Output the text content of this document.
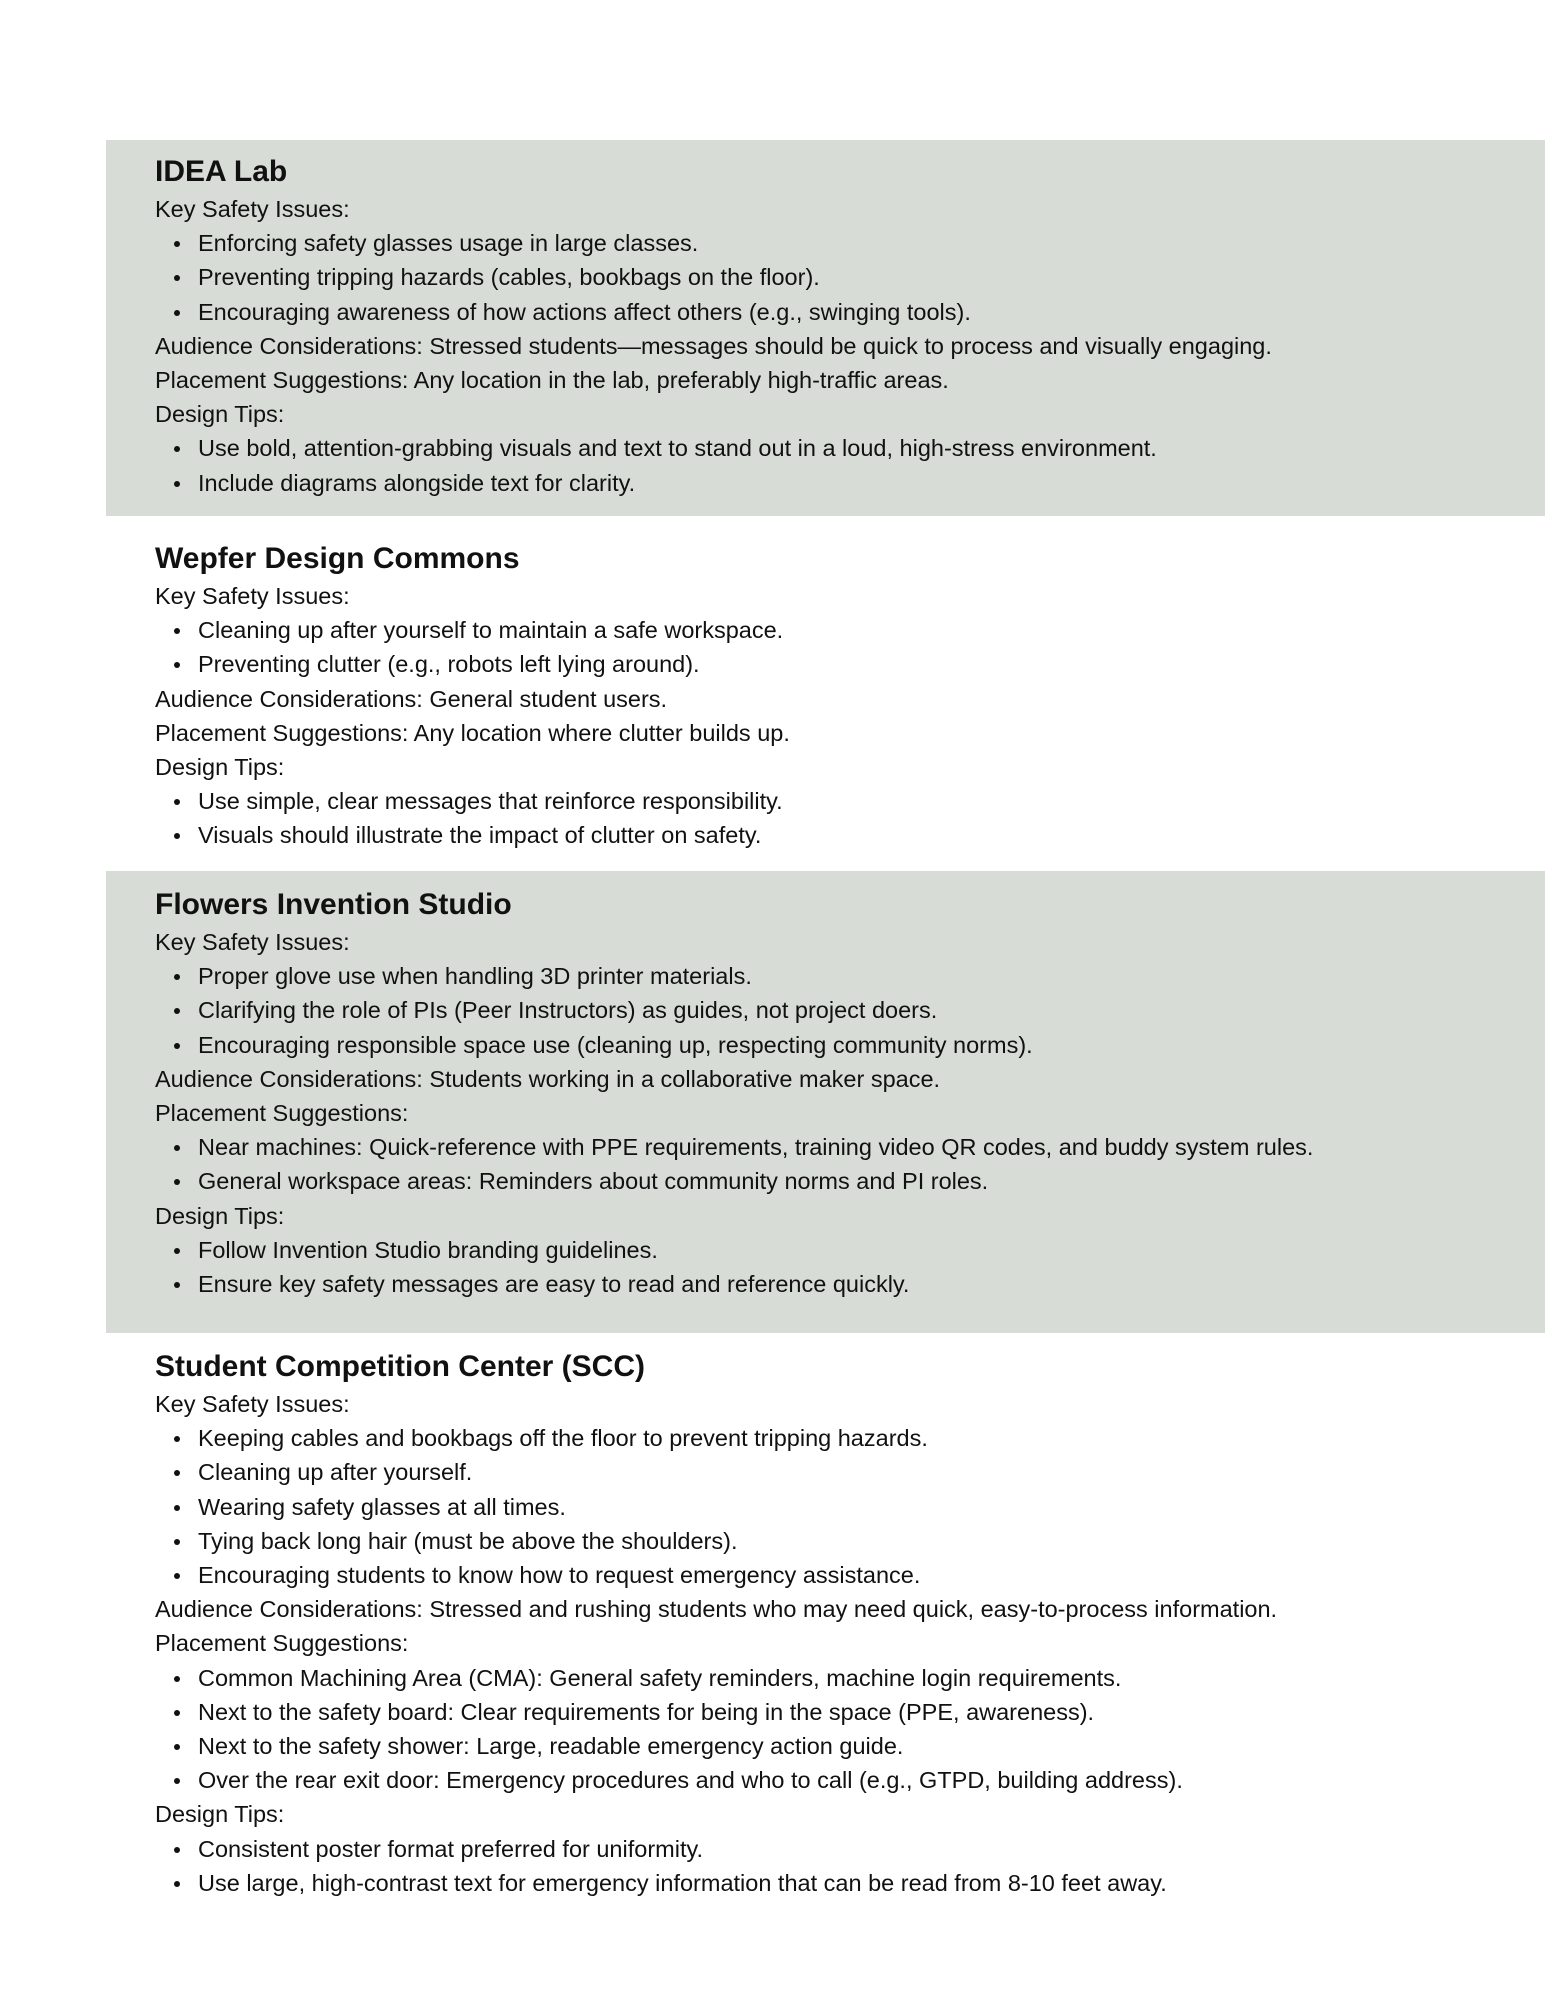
IDEA Lab
Key Safety Issues:
Enforcing safety glasses usage in large classes.
Preventing tripping hazards (cables, bookbags on the floor).
Encouraging awareness of how actions affect others (e.g., swinging tools).
Audience Considerations: Stressed students—messages should be quick to process and visually engaging.
Placement Suggestions: Any location in the lab, preferably high-traffic areas.
Design Tips:
Use bold, attention-grabbing visuals and text to stand out in a loud, high-stress environment.
Include diagrams alongside text for clarity.
Wepfer Design Commons
Key Safety Issues:
Cleaning up after yourself to maintain a safe workspace.
Preventing clutter (e.g., robots left lying around).
Audience Considerations: General student users.
Placement Suggestions: Any location where clutter builds up.
Design Tips:
Use simple, clear messages that reinforce responsibility.
Visuals should illustrate the impact of clutter on safety.
Flowers Invention Studio
Key Safety Issues:
Proper glove use when handling 3D printer materials.
Clarifying the role of PIs (Peer Instructors) as guides, not project doers.
Encouraging responsible space use (cleaning up, respecting community norms).
Audience Considerations: Students working in a collaborative maker space.
Placement Suggestions:
Near machines: Quick-reference with PPE requirements, training video QR codes, and buddy system rules.
General workspace areas: Reminders about community norms and PI roles.
Design Tips:
Follow Invention Studio branding guidelines.
Ensure key safety messages are easy to read and reference quickly.
Student Competition Center (SCC)
Key Safety Issues:
Keeping cables and bookbags off the floor to prevent tripping hazards.
Cleaning up after yourself.
Wearing safety glasses at all times.
Tying back long hair (must be above the shoulders).
Encouraging students to know how to request emergency assistance.
Audience Considerations: Stressed and rushing students who may need quick, easy-to-process information.
Placement Suggestions:
Common Machining Area (CMA): General safety reminders, machine login requirements.
Next to the safety board: Clear requirements for being in the space (PPE, awareness).
Next to the safety shower: Large, readable emergency action guide.
Over the rear exit door: Emergency procedures and who to call (e.g., GTPD, building address).
Design Tips:
Consistent poster format preferred for uniformity.
Use large, high-contrast text for emergency information that can be read from 8-10 feet away.
